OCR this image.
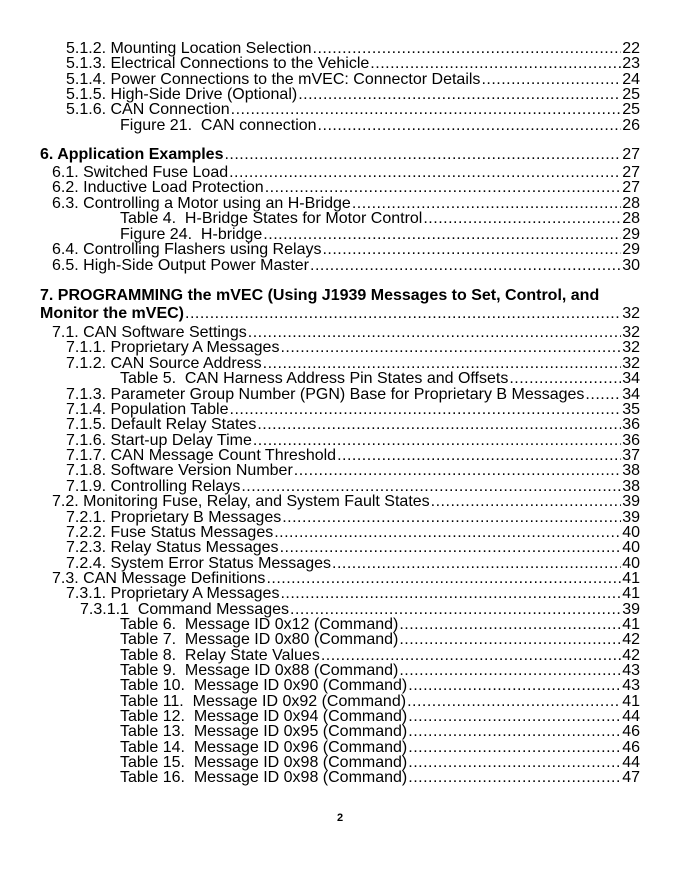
5.1.2. Mounting Location Selection .....	22
5.1.3. Electrical Connections to the Vehicle .....	23
5.1.4. Power Connections to the mVEC: Connector Details .....	24
5.1.5. High-Side Drive (Optional) .....	25
5.1.6. CAN Connection .....	25
Figure 21.  CAN connection .....	26
6. Application Examples .....	27
6.1. Switched Fuse Load .....	27
6.2. Inductive Load Protection .....	27
6.3. Controlling a Motor using an H-Bridge .....	28
Table 4.  H-Bridge States for Motor Control .....	28
Figure 24.  H-bridge .....	29
6.4. Controlling Flashers using Relays .....	29
6.5. High-Side Output Power Master .....	30
7. PROGRAMMING the mVEC (Using J1939 Messages to Set, Control, and
Monitor the mVEC) .....	32
7.1. CAN Software Settings .....	32
7.1.1. Proprietary A Messages .....	32
7.1.2. CAN Source Address .....	32
Table 5.  CAN Harness Address Pin States and Offsets .....	34
7.1.3. Parameter Group Number (PGN) Base for Proprietary B Messages ..... 34
7.1.4. Population Table .....	35
7.1.5. Default Relay States .....	36
7.1.6. Start-up Delay Time .....	36
7.1.7. CAN Message Count Threshold .....	37
7.1.8. Software Version Number .....	38
7.1.9. Controlling Relays .....	38
7.2. Monitoring Fuse, Relay, and System Fault States .....	39
7.2.1. Proprietary B Messages .....	39
7.2.2. Fuse Status Messages .....	40
7.2.3. Relay Status Messages .....	40
7.2.4. System Error Status Messages .....	40
7.3. CAN Message Definitions .....	41
7.3.1. Proprietary A Messages .....	41
7.3.1.1  Command Messages .....	39
Table 6.  Message ID 0x12 (Command) .....	41
Table 7.  Message ID 0x80 (Command) .....	42
Table 8.  Relay State Values .....	42
Table 9.  Message ID 0x88 (Command) .....	43
Table 10.  Message ID 0x90 (Command) .....	43
Table 11.  Message ID 0x92 (Command) .....	41
Table 12.  Message ID 0x94 (Command) .....	44
Table 13.  Message ID 0x95 (Command) .....	46
Table 14.  Message ID 0x96 (Command) .....	46
Table 15.  Message ID 0x98 (Command) .....	44
Table 16.  Message ID 0x98 (Command) .....	47
2
